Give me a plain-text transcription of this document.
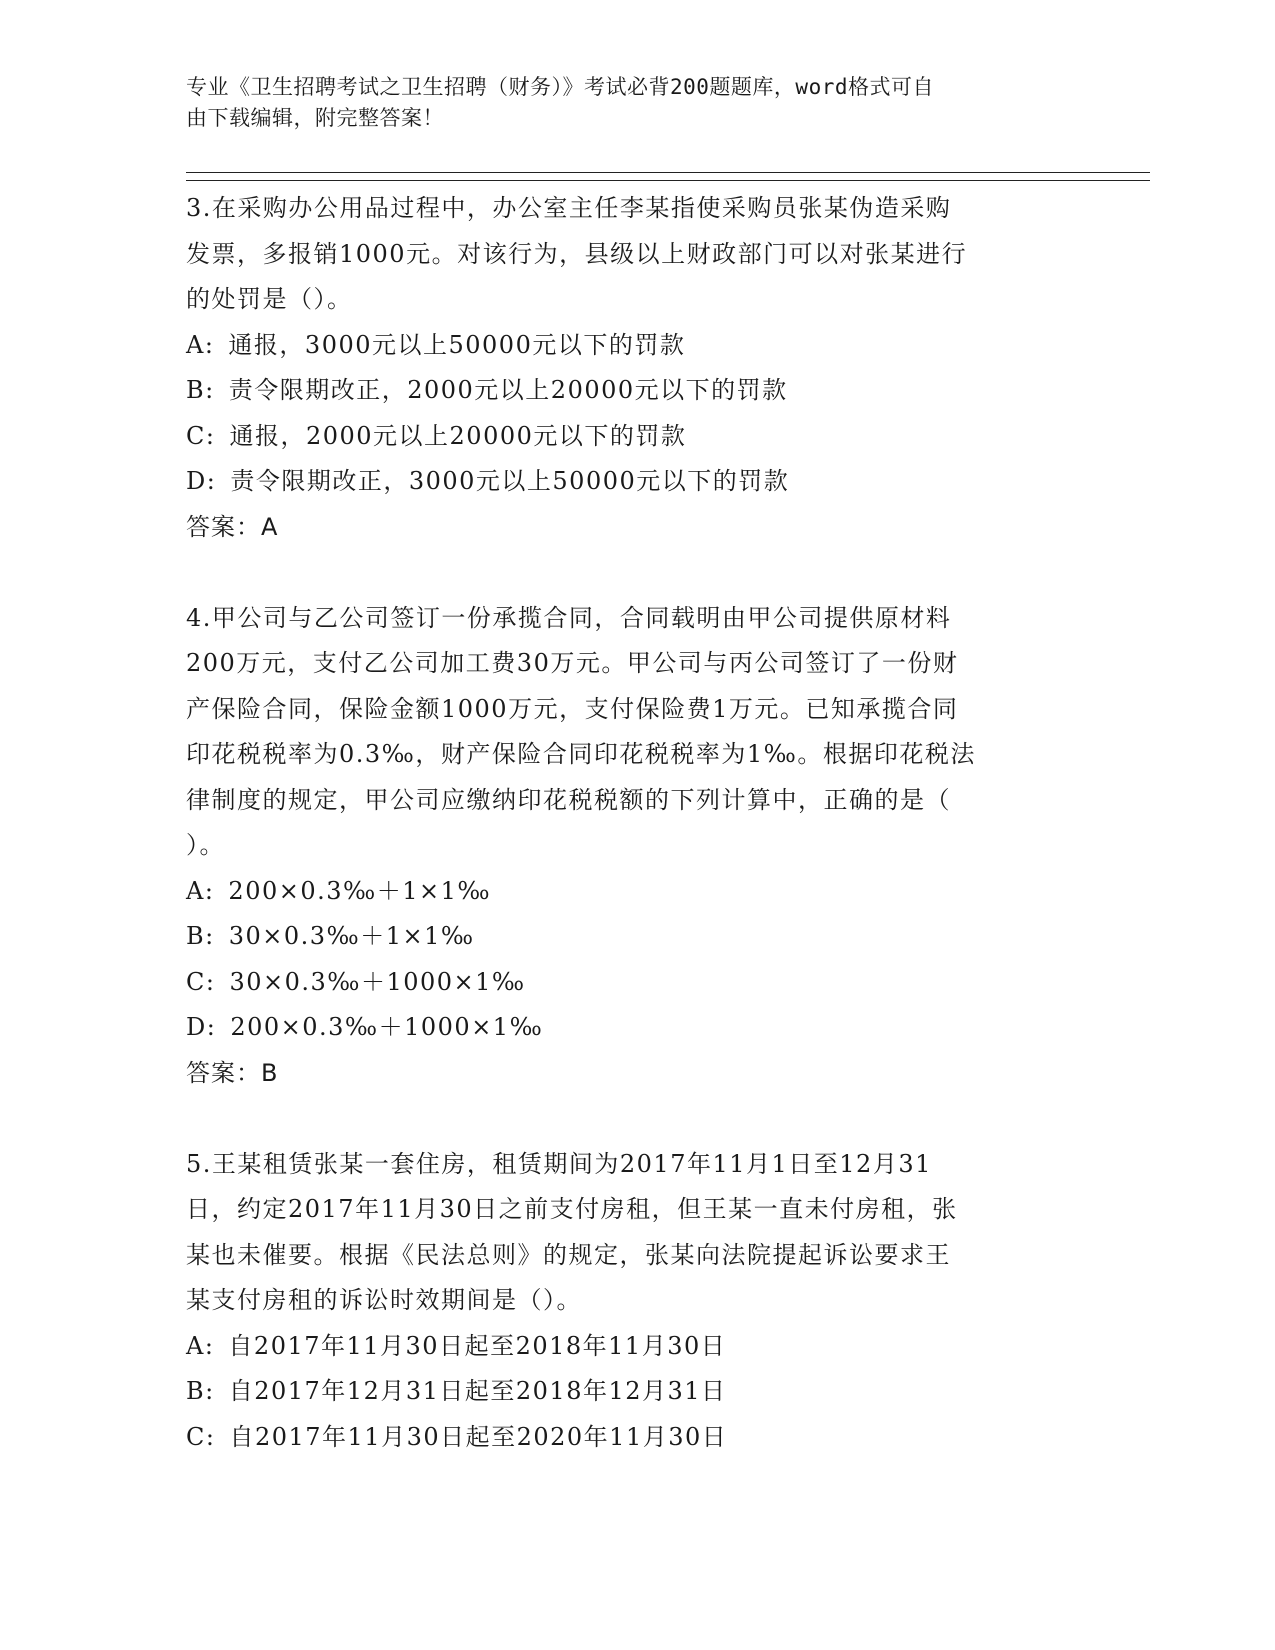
专业《卫生招聘考试之卫生招聘（财务）》考试必背200题题库，word格式可自
由下载编辑，附完整答案！

3.在采购办公用品过程中，办公室主任李某指使采购员张某伪造采购

发票，多报销1000元。对该行为，县级以上财政部门可以对张某进行

的处罚是（）。

A: 通报，3000元以上50000元以下的罚款

B: 责令限期改正，2000元以上20000元以下的罚款

C: 通报，2000元以上20000元以下的罚款

D: 责令限期改正，3000元以上50000元以下的罚款

答案：A

4.甲公司与乙公司签订一份承揽合同，合同载明由甲公司提供原材料

200万元，支付乙公司加工费30万元。甲公司与丙公司签订了一份财

产保险合同，保险金额1000万元，支付保险费1万元。已知承揽合同

印花税税率为0.3‰，财产保险合同印花税税率为1‰。根据印花税法

律制度的规定，甲公司应缴纳印花税税额的下列计算中，正确的是（

）。

A: 200×0.3‰＋1×1‰

B: 30×0.3‰＋1×1‰

C: 30×0.3‰＋1000×1‰

D: 200×0.3‰＋1000×1‰

答案：B

5.王某租赁张某一套住房，租赁期间为2017年11月1日至12月31

日，约定2017年11月30日之前支付房租，但王某一直未付房租，张

某也未催要。根据《民法总则》的规定，张某向法院提起诉讼要求王

某支付房租的诉讼时效期间是（）。

A: 自2017年11月30日起至2018年11月30日

B: 自2017年12月31日起至2018年12月31日

C: 自2017年11月30日起至2020年11月30日
